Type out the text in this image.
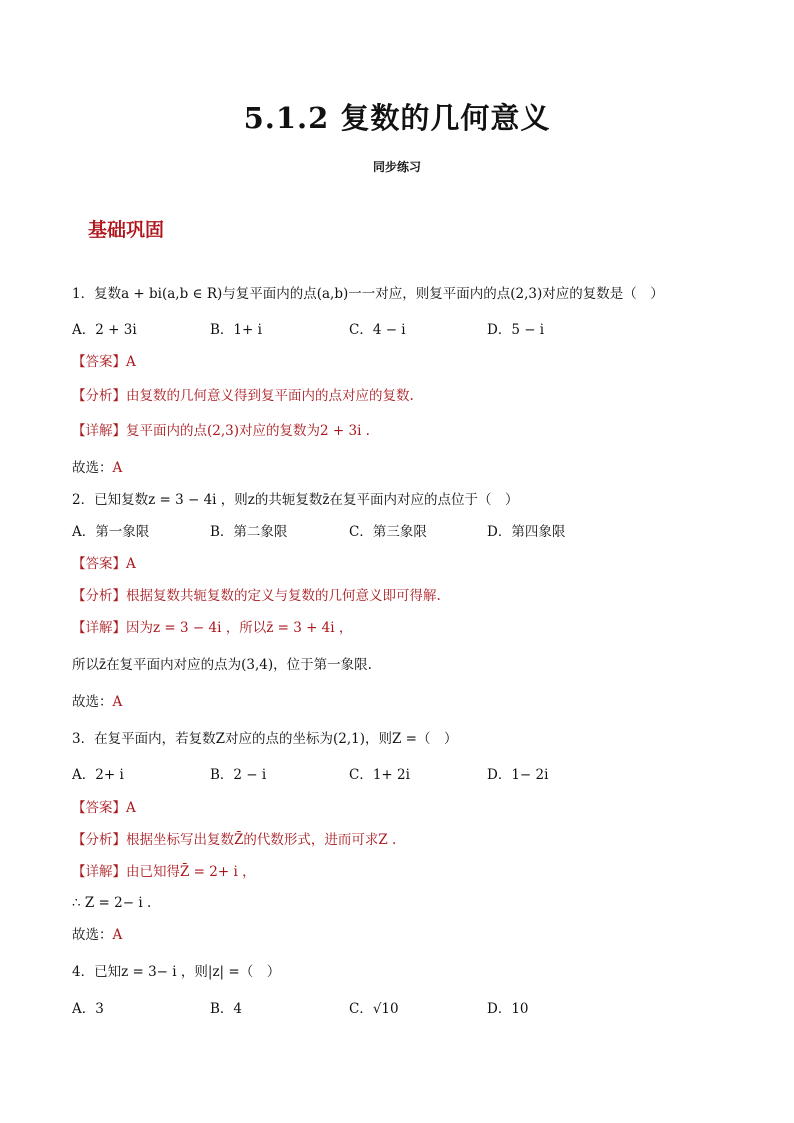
5.1.2 复数的几何意义
同步练习
基础巩固
1．复数a + bi(a,b ∈ R)与复平面内的点(a,b)一一对应，则复平面内的点(2,3)对应的复数是（　）
A．2 + 3i	B．1+ i	C．4 − i	D．5 − i
【答案】A
【分析】由复数的几何意义得到复平面内的点对应的复数.
【详解】复平面内的点(2,3)对应的复数为2 + 3i .
故选：A
2．已知复数z = 3 − 4i ，则z的共轭复数z̄在复平面内对应的点位于（　）
A．第一象限	B．第二象限	C．第三象限	D．第四象限
【答案】A
【分析】根据复数共轭复数的定义与复数的几何意义即可得解.
【详解】因为z = 3 − 4i ，所以z̄ = 3 + 4i ，
所以z̄在复平面内对应的点为(3,4)，位于第一象限.
故选：A
3．在复平面内，若复数Z对应的点的坐标为(2,1)，则Z =（　）
A．2+ i	B．2 − i	C．1+ 2i	D．1− 2i
【答案】A
【分析】根据坐标写出复数Z̄的代数形式，进而可求Z .
【详解】由已知得Z̄ = 2+ i ，
∴ Z = 2− i .
故选：A
4．已知z = 3− i ，则|z| =（　）
A．3	B．4	C．√10	D．10
